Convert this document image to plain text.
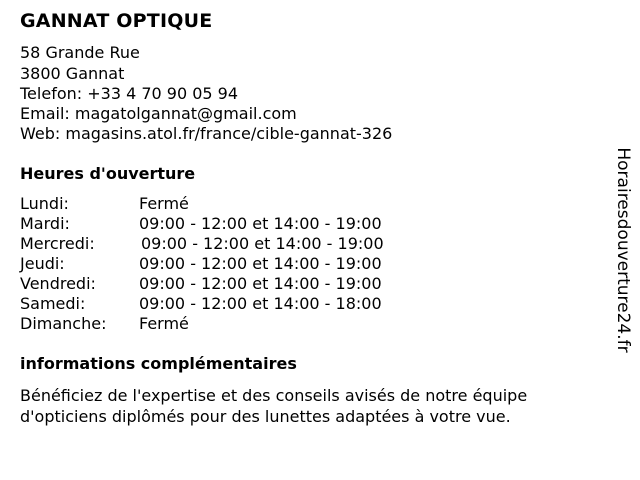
GANNAT OPTIQUE
58 Grande Rue
3800 Gannat
Telefon: +33 4 70 90 05 94
Email: magatolgannat@gmail.com
Web: magasins.atol.fr/france/cible-gannat-326
Heures d'ouverture
Lundi:	Fermé
Mardi:	09:00 - 12:00 et 14:00 - 19:00
Mercredi:	09:00 - 12:00 et 14:00 - 19:00
Jeudi:	09:00 - 12:00 et 14:00 - 19:00
Vendredi:	09:00 - 12:00 et 14:00 - 19:00
Samedi:	09:00 - 12:00 et 14:00 - 18:00
Dimanche: Fermé
informations complémentaires
Bénéficiez de l'expertise et des conseils avisés de notre équipe d'opticiens diplômés pour des lunettes adaptées à votre vue.
Horairesdouverture24.fr
